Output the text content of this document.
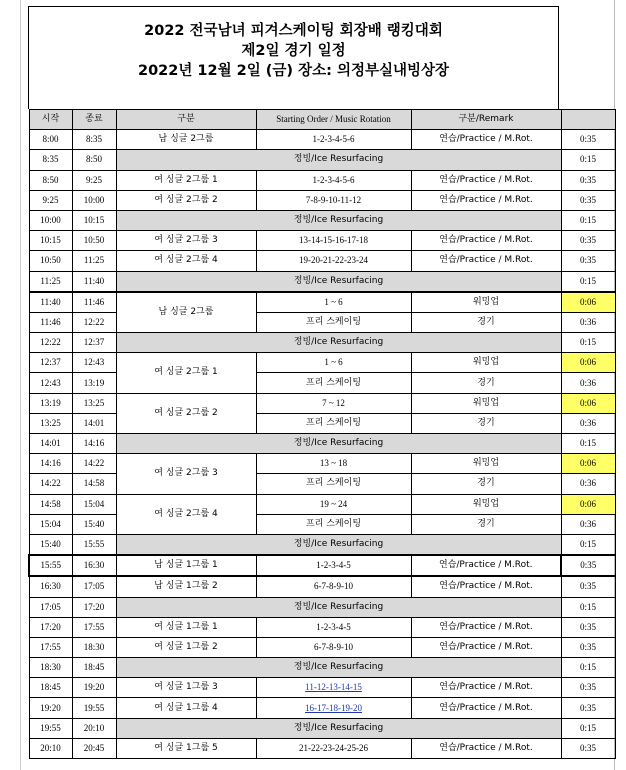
2022 전국남녀 피겨스케이팅 회장배 랭킹대회
제2일 경기 일정
2022년 12월 2일 (금) 장소: 의정부실내빙상장
시작	종료	구분	Starting Order / Music Rotation	구분/Remark	
8:00	8:35	남 싱글 2그룹	1-2-3-4-5-6	연습/Practice / M.Rot.	0:35
8:35	8:50	정빙/Ice Resurfacing			0:15
8:50	9:25	여 싱글 2그룹 1	1-2-3-4-5-6	연습/Practice / M.Rot.	0:35
9:25	10:00	여 싱글 2그룹 2	7-8-9-10-11-12	연습/Practice / M.Rot.	0:35
10:00	10:15	정빙/Ice Resurfacing			0:15
10:15	10:50	여 싱글 2그룹 3	13-14-15-16-17-18	연습/Practice / M.Rot.	0:35
10:50	11:25	여 싱글 2그룹 4	19-20-21-22-23-24	연습/Practice / M.Rot.	0:35
11:25	11:40	정빙/Ice Resurfacing			0:15
11:40	11:46	남 싱글 2그룹	1 ~ 6	워밍업	0:06
11:46	12:22		프리 스케이팅	경기	0:36
12:22	12:37	정빙/Ice Resurfacing			0:15
12:37	12:43	여 싱글 2그룹 1	1 ~ 6	워밍업	0:06
12:43	13:19		프리 스케이팅	경기	0:36
13:19	13:25	여 싱글 2그룹 2	7 ~ 12	워밍업	0:06
13:25	14:01		프리 스케이팅	경기	0:36
14:01	14:16	정빙/Ice Resurfacing			0:15
14:16	14:22	여 싱글 2그룹 3	13 ~ 18	워밍업	0:06
14:22	14:58		프리 스케이팅	경기	0:36
14:58	15:04	여 싱글 2그룹 4	19 ~ 24	워밍업	0:06
15:04	15:40		프리 스케이팅	경기	0:36
15:40	15:55	정빙/Ice Resurfacing			0:15
15:55	16:30	남 싱글 1그룹 1	1-2-3-4-5	연습/Practice / M.Rot.	0:35
16:30	17:05	남 싱글 1그룹 2	6-7-8-9-10	연습/Practice / M.Rot.	0:35
17:05	17:20	정빙/Ice Resurfacing			0:15
17:20	17:55	여 싱글 1그룹 1	1-2-3-4-5	연습/Practice / M.Rot.	0:35
17:55	18:30	여 싱글 1그룹 2	6-7-8-9-10	연습/Practice / M.Rot.	0:35
18:30	18:45	정빙/Ice Resurfacing			0:15
18:45	19:20	여 싱글 1그룹 3	11-12-13-14-15	연습/Practice / M.Rot.	0:35
19:20	19:55	여 싱글 1그룹 4	16-17-18-19-20	연습/Practice / M.Rot.	0:35
19:55	20:10	정빙/Ice Resurfacing			0:15
20:10	20:45	여 싱글 1그룹 5	21-22-23-24-25-26	연습/Practice / M.Rot.	0:35
